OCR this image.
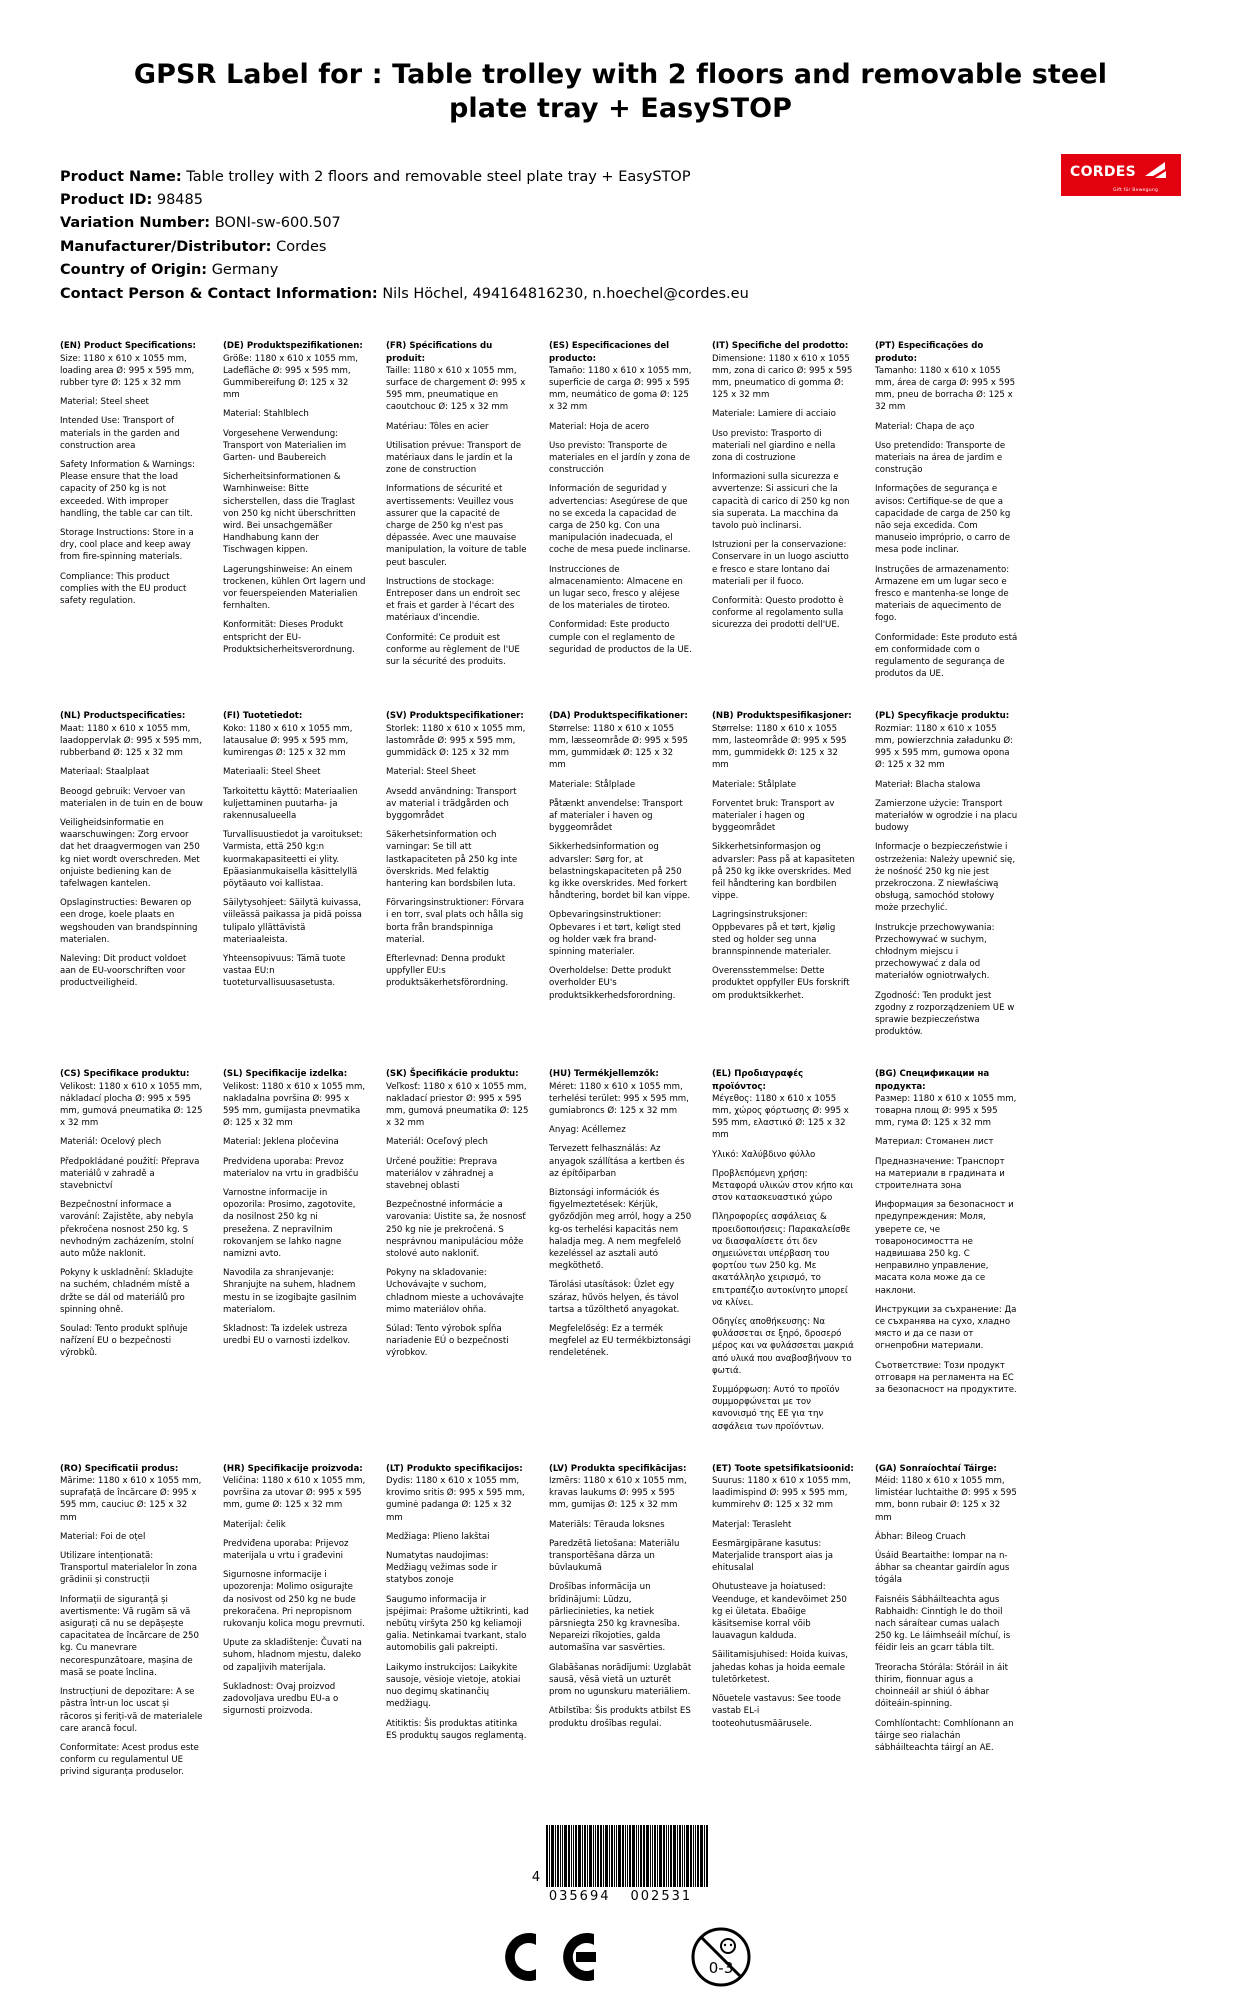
GPSR Label for : Table trolley with 2 floors and removable steel plate tray + EasySTOP
Product Name: Table trolley with 2 floors and removable steel plate tray + EasySTOP
Product ID: 98485
Variation Number: BONI-sw-600.507
Manufacturer/Distributor: Cordes
Country of Origin: Germany
Contact Person & Contact Information: Nils Höchel, 494164816230, n.hoechel@cordes.eu
CORDES
Gift für Bewegung
(EN) Product Specifications:

Size: 1180 x 610 x 1055 mm, loading area Ø: 995 x 595 mm, rubber tyre Ø: 125 x 32 mm

Material: Steel sheet

Intended Use: Transport of materials in the garden and construction area

Safety Information & Warnings: Please ensure that the load capacity of 250 kg is not exceeded. With improper handling, the table car can tilt.

Storage Instructions: Store in a dry, cool place and keep away from fire-spinning materials.

Compliance: This product complies with the EU product safety regulation.

(DE) Produktspezifikationen:

Größe: 1180 x 610 x 1055 mm, Ladefläche Ø: 995 x 595 mm, Gummibereifung Ø: 125 x 32 mm

Material: Stahlblech

Vorgesehene Verwendung: Transport von Materialien im Garten- und Baubereich

Sicherheitsinformationen & Warnhinweise: Bitte sicherstellen, dass die Traglast von 250 kg nicht überschritten wird. Bei unsachgemäßer Handhabung kann der Tischwagen kippen.

Lagerungshinweise: An einem trockenen, kühlen Ort lagern und vor feuerspeienden Materialien fernhalten.

Konformität: Dieses Produkt entspricht der EU-Produktsicherheitsverordnung.

(FR) Spécifications du produit:

Taille: 1180 x 610 x 1055 mm, surface de chargement Ø: 995 x 595 mm, pneumatique en caoutchouc Ø: 125 x 32 mm

Matériau: Tôles en acier

Utilisation prévue: Transport de matériaux dans le jardin et la zone de construction

Informations de sécurité et avertissements: Veuillez vous assurer que la capacité de charge de 250 kg n'est pas dépassée. Avec une mauvaise manipulation, la voiture de table peut basculer.

Instructions de stockage: Entreposer dans un endroit sec et frais et garder à l'écart des matériaux d'incendie.

Conformité: Ce produit est conforme au règlement de l'UE sur la sécurité des produits.

(ES) Especificaciones del producto:

Tamaño: 1180 x 610 x 1055 mm, superficie de carga Ø: 995 x 595 mm, neumático de goma Ø: 125 x 32 mm

Material: Hoja de acero

Uso previsto: Transporte de materiales en el jardín y zona de construcción

Información de seguridad y advertencias: Asegúrese de que no se exceda la capacidad de carga de 250 kg. Con una manipulación inadecuada, el coche de mesa puede inclinarse.

Instrucciones de almacenamiento: Almacene en un lugar seco, fresco y aléjese de los materiales de tiroteo.

Conformidad: Este producto cumple con el reglamento de seguridad de productos de la UE.

(IT) Specifiche del prodotto:

Dimensione: 1180 x 610 x 1055 mm, zona di carico Ø: 995 x 595 mm, pneumatico di gomma Ø: 125 x 32 mm

Materiale: Lamiere di acciaio

Uso previsto: Trasporto di materiali nel giardino e nella zona di costruzione

Informazioni sulla sicurezza e avvertenze: Si assicuri che la capacità di carico di 250 kg non sia superata. La macchina da tavolo può inclinarsi.

Istruzioni per la conservazione: Conservare in un luogo asciutto e fresco e stare lontano dai materiali per il fuoco.

Conformità: Questo prodotto è conforme al regolamento sulla sicurezza dei prodotti dell'UE.

(PT) Especificações do produto:

Tamanho: 1180 x 610 x 1055 mm, área de carga Ø: 995 x 595 mm, pneu de borracha Ø: 125 x 32 mm

Material: Chapa de aço

Uso pretendido: Transporte de materiais na área de jardim e construção

Informações de segurança e avisos: Certifique-se de que a capacidade de carga de 250 kg não seja excedida. Com manuseio impróprio, o carro de mesa pode inclinar.

Instruções de armazenamento: Armazene em um lugar seco e fresco e mantenha-se longe de materiais de aquecimento de fogo.

Conformidade: Este produto está em conformidade com o regulamento de segurança de produtos da UE.

(NL) Productspecificaties:

Maat: 1180 x 610 x 1055 mm, laadoppervlak Ø: 995 x 595 mm, rubberband Ø: 125 x 32 mm

Materiaal: Staalplaat

Beoogd gebruik: Vervoer van materialen in de tuin en de bouw

Veiligheidsinformatie en waarschuwingen: Zorg ervoor dat het draagvermogen van 250 kg niet wordt overschreden. Met onjuiste bediening kan de tafelwagen kantelen.

Opslaginstructies: Bewaren op een droge, koele plaats en wegshouden van brandspinning materialen.

Naleving: Dit product voldoet aan de EU-voorschriften voor productveiligheid.

(FI) Tuotetiedot:

Koko: 1180 x 610 x 1055 mm, latausalue Ø: 995 x 595 mm, kumirengas Ø: 125 x 32 mm

Materiaali: Steel Sheet

Tarkoitettu käyttö: Materiaalien kuljettaminen puutarha- ja rakennusalueella

Turvallisuustiedot ja varoitukset: Varmista, että 250 kg:n kuormakapasiteetti ei ylity. Epäasianmukaisella käsittelyllä pöytäauto voi kallistaa.

Säilytysohjeet: Säilytä kuivassa, viileässä paikassa ja pidä poissa tulipalo yllättävistä materiaaleista.

Yhteensopivuus: Tämä tuote vastaa EU:n tuoteturvallisuusasetusta.

(SV) Produktspecifikationer:

Storlek: 1180 x 610 x 1055 mm, lastområde Ø: 995 x 595 mm, gummidäck Ø: 125 x 32 mm

Material: Steel Sheet

Avsedd användning: Transport av material i trädgården och byggområdet

Säkerhetsinformation och varningar: Se till att lastkapaciteten på 250 kg inte överskrids. Med felaktig hantering kan bordsbilen luta.

Förvaringsinstruktioner: Förvara i en torr, sval plats och hålla sig borta från brandspinniga material.

Efterlevnad: Denna produkt uppfyller EU:s produktsäkerhetsförordning.

(DA) Produktspecifikationer:

Størrelse: 1180 x 610 x 1055 mm, læsseområde Ø: 995 x 595 mm, gummidæk Ø: 125 x 32 mm

Materiale: Stålplade

Påtænkt anvendelse: Transport af materialer i haven og byggeområdet

Sikkerhedsinformation og advarsler: Sørg for, at belastningskapaciteten på 250 kg ikke overskrides. Med forkert håndtering, bordet bil kan vippe.

Opbevaringsinstruktioner: Opbevares i et tørt, køligt sted og holder væk fra brand-spinning materialer.

Overholdelse: Dette produkt overholder EU's produktsikkerhedsforordning.

(NB) Produktspesifikasjoner:

Størrelse: 1180 x 610 x 1055 mm, lasteområde Ø: 995 x 595 mm, gummidekk Ø: 125 x 32 mm

Materiale: Stålplate

Forventet bruk: Transport av materialer i hagen og byggeområdet

Sikkerhetsinformasjon og advarsler: Pass på at kapasiteten på 250 kg ikke overskrides. Med feil håndtering kan bordbilen vippe.

Lagringsinstruksjoner: Oppbevares på et tørt, kjølig sted og holder seg unna brannspinnende materialer.

Overensstemmelse: Dette produktet oppfyller EUs forskrift om produktsikkerhet.

(PL) Specyfikacje produktu:

Rozmiar: 1180 x 610 x 1055 mm, powierzchnia załadunku Ø: 995 x 595 mm, gumowa opona Ø: 125 x 32 mm

Materiał: Blacha stalowa

Zamierzone użycie: Transport materiałów w ogrodzie i na placu budowy

Informacje o bezpieczeństwie i ostrzeżenia: Należy upewnić się, że nośność 250 kg nie jest przekroczona. Z niewłaściwą obsługą, samochód stołowy może przechylić.

Instrukcje przechowywania: Przechowywać w suchym, chłodnym miejscu i przechowywać z dala od materiałów ogniotrwałych.

Zgodność: Ten produkt jest zgodny z rozporządzeniem UE w sprawie bezpieczeństwa produktów.

(CS) Specifikace produktu:

Velikost: 1180 x 610 x 1055 mm, nákladací plocha Ø: 995 x 595 mm, gumová pneumatika Ø: 125 x 32 mm

Materiál: Ocelový plech

Předpokládané použití: Přeprava materiálů v zahradě a stavebnictví

Bezpečnostní informace a varování: Zajistěte, aby nebyla překročena nosnost 250 kg. S nevhodným zacházením, stolní auto může naklonit.

Pokyny k uskladnění: Skladujte na suchém, chladném místě a držte se dál od materiálů pro spinning ohně.

Soulad: Tento produkt splňuje nařízení EU o bezpečnosti výrobků.

(SL) Specifikacije izdelka:

Velikost: 1180 x 610 x 1055 mm, nakladalna površina Ø: 995 x 595 mm, gumijasta pnevmatika Ø: 125 x 32 mm

Material: Jeklena pločevina

Predvidena uporaba: Prevoz materialov na vrtu in gradbišču

Varnostne informacije in opozorila: Prosimo, zagotovite, da nosilnost 250 kg ni presežena. Z nepravilnim rokovanjem se lahko nagne namizni avto.

Navodila za shranjevanje: Shranjujte na suhem, hladnem mestu in se izogibajte gasilnim materialom.

Skladnost: Ta izdelek ustreza uredbi EU o varnosti izdelkov.

(SK) Špecifikácie produktu:

Veľkosť: 1180 x 610 x 1055 mm, nakladací priestor Ø: 995 x 595 mm, gumová pneumatika Ø: 125 x 32 mm

Materiál: Oceľový plech

Určené použitie: Preprava materiálov v záhradnej a stavebnej oblasti

Bezpečnostné informácie a varovania: Uistite sa, že nosnosť 250 kg nie je prekročená. S nesprávnou manipuláciou môže stolové auto nakloniť.

Pokyny na skladovanie: Uchovávajte v suchom, chladnom mieste a uchovávajte mimo materiálov ohňa.

Súlad: Tento výrobok spĺňa nariadenie EÚ o bezpečnosti výrobkov.

(HU) Termékjellemzők:

Méret: 1180 x 610 x 1055 mm, terhelési terület: 995 x 595 mm, gumiabroncs Ø: 125 x 32 mm

Anyag: Acéllemez

Tervezett felhasználás: Az anyagok szállítása a kertben és az építőiparban

Biztonsági információk és figyelmeztetések: Kérjük, győződjön meg arról, hogy a 250 kg-os terhelési kapacitás nem haladja meg. A nem megfelelő kezeléssel az asztali autó megköthető.

Tárolási utasítások: Üzlet egy száraz, hűvös helyen, és távol tartsa a tűzölthető anyagokat.

Megfelelőség: Ez a termék megfelel az EU termékbiztonsági rendeletének.

(EL) Προδιαγραφές προϊόντος:

Μέγεθος: 1180 x 610 x 1055 mm, χώρος φόρτωσης Ø: 995 x 595 mm, ελαστικό Ø: 125 x 32 mm

Υλικό: Χαλύβδινο φύλλο

Προβλεπόμενη χρήση: Μεταφορά υλικών στον κήπο και στον κατασκευαστικό χώρο

Πληροφορίες ασφάλειας & προειδοποιήσεις: Παρακαλείσθε να διασφαλίσετε ότι δεν σημειώνεται υπέρβαση του φορτίου των 250 kg. Με ακατάλληλο χειρισμό, το επιτραπέζιο αυτοκίνητο μπορεί να κλίνει.

Οδηγίες αποθήκευσης: Να φυλάσσεται σε ξηρό, δροσερό μέρος και να φυλάσσεται μακριά από υλικά που αναβοσβήνουν το φωτιά.

Συμμόρφωση: Αυτό το προϊόν συμμορφώνεται με τον κανονισμό της ΕΕ για την ασφάλεια των προϊόντων.

(BG) Спецификации на продукта:

Размер: 1180 x 610 x 1055 mm, товарна площ Ø: 995 x 595 mm, гума Ø: 125 x 32 mm

Материал: Стоманен лист

Предназначение: Транспорт на материали в градината и строителната зона

Информация за безопасност и предупреждения: Моля, уверете се, че товароносимостта не надвишава 250 kg. С неправилно управление, масата кола може да се наклони.

Инструкции за съхранение: Да се съхранява на сухо, хладно място и да се пази от огнепробни материали.

Съответствие: Този продукт отговаря на регламента на ЕС за безопасност на продуктите.

(RO) Specificatii produs:

Mărime: 1180 x 610 x 1055 mm, suprafață de încărcare Ø: 995 x 595 mm, cauciuc Ø: 125 x 32 mm

Material: Foi de oțel

Utilizare intenționată: Transportul materialelor în zona grădinii și construcții

Informații de siguranță și avertismente: Vă rugăm să vă asigurați că nu se depășește capacitatea de încărcare de 250 kg. Cu manevrare necorespunzătoare, mașina de masă se poate înclina.

Instrucțiuni de depozitare: A se păstra într-un loc uscat și răcoros și feriți-vă de materialele care arancă focul.

Conformitate: Acest produs este conform cu regulamentul UE privind siguranța produselor.

(HR) Specifikacije proizvoda:

Veličina: 1180 x 610 x 1055 mm, površina za utovar Ø: 995 x 595 mm, gume Ø: 125 x 32 mm

Materijal: čelik

Predviđena uporaba: Prijevoz materijala u vrtu i građevini

Sigurnosne informacije i upozorenja: Molimo osigurajte da nosivost od 250 kg ne bude prekoračena. Pri nepropisnom rukovanju kolica mogu prevrnuti.

Upute za skladištenje: Čuvati na suhom, hladnom mjestu, daleko od zapaljivih materijala.

Sukladnost: Ovaj proizvod zadovoljava uredbu EU-a o sigurnosti proizvoda.

(LT) Produkto specifikacijos:

Dydis: 1180 x 610 x 1055 mm, krovimo sritis Ø: 995 x 595 mm, guminė padanga Ø: 125 x 32 mm

Medžiaga: Plieno lakštai

Numatytas naudojimas: Medžiagų vežimas sode ir statybos zonoje

Saugumo informacija ir įspėjimai: Prašome užtikrinti, kad nebūtų viršyta 250 kg keliamoji galia. Netinkamai tvarkant, stalo automobilis gali pakreipti.

Laikymo instrukcijos: Laikykite sausoje, vėsioje vietoje, atokiai nuo degimų skatinančių medžiagų.

Atitiktis: Šis produktas atitinka ES produktų saugos reglamentą.

(LV) Produkta specifikācijas:

Izmērs: 1180 x 610 x 1055 mm, kravas laukums Ø: 995 x 595 mm, gumijas Ø: 125 x 32 mm

Materiāls: Tērauda loksnes

Paredzētā lietošana: Materiālu transportēšana dārza un būvlaukumā

Drošības informācija un brīdinājumi: Lūdzu, pārliecinieties, ka netiek pārsniegta 250 kg kravnesība. Nepareizi rīkojoties, galda automašīna var sasvērties.

Glabāšanas norādījumi: Uzglabāt sausā, vēsā vietā un uzturēt prom no ugunskuru materiāliem.

Atbilstība: Šis produkts atbilst ES produktu drošības regulai.

(ET) Toote spetsifikatsioonid:

Suurus: 1180 x 610 x 1055 mm, laadimispind Ø: 995 x 595 mm, kummirehv Ø: 125 x 32 mm

Materjal: Terasleht

Eesmärgipärane kasutus: Materjalide transport aias ja ehitusalal

Ohutusteave ja hoiatused: Veenduge, et kandevõimet 250 kg ei ületata. Ebaõige käsitsemise korral võib lauavagun kalduda.

Säilitamisjuhised: Hoida kuivas, jahedas kohas ja hoida eemale tuletõrketest.

Nõuetele vastavus: See toode vastab EL-i tooteohutusmäärusele.

(GA) Sonraíochtaí Táirge:

Méid: 1180 x 610 x 1055 mm, limistéar luchtaithe Ø: 995 x 595 mm, bonn rubair Ø: 125 x 32 mm

Ábhar: Bileog Cruach

Úsáid Beartaithe: Iompar na n-ábhar sa cheantar gairdín agus tógála

Faisnéis Sábháilteachta agus Rabhaidh: Cinntigh le do thoil nach sáraítear cumas ualach 250 kg. Le láimhseáil míchuí, is féidir leis an gcarr tábla tilt.

Treoracha Stórála: Stóráil in áit thirim, fionnuar agus a choinneáil ar shiúl ó ábhar dóiteáin-spinning.

Comhlíontacht: Comhlíonann an táirge seo rialachán sábháilteachta táirgí an AE.

4
035694	002531
0-3
